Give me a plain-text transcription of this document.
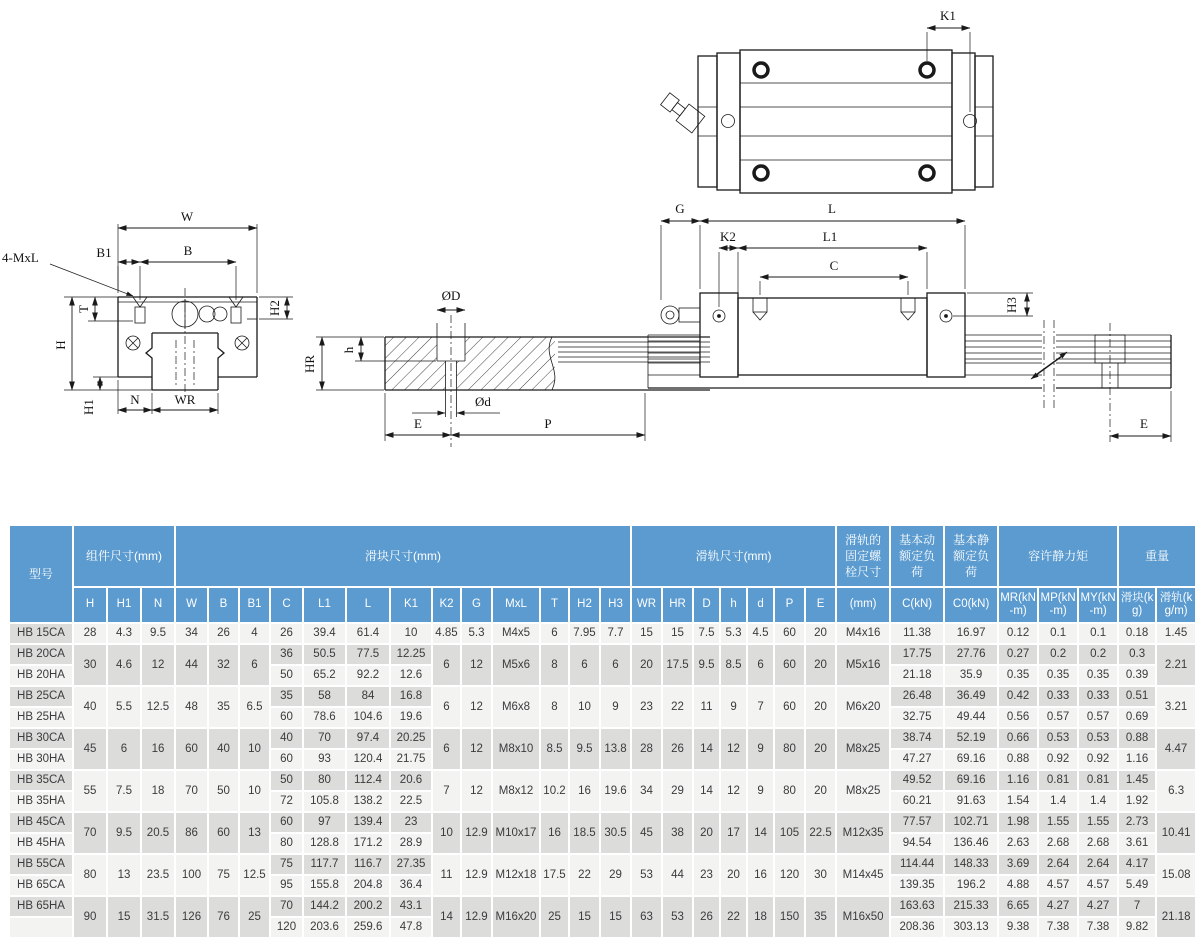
K1
W
B1	B
4-MxL
T
H
H1	N	WR
H2
ØD
Ød
h
HR
E	P
G	L
K2	L1
C
H3
E
型号	组件尺寸(mm)			滑块尺寸(mm)													滑轨尺寸(mm)							滑轨的固定螺栓尺寸	基本动额定负荷	基本静额定负荷	容许静力矩			重量	
	H	H1	N	W	B	B1	C	L1	L	K1	K2	G	MxL	T	H2	H3	WR	HR	D	h	d	P	E	(mm)	C(kN)	C0(kN)	MR(kN-m)	MP(kN-m)	MY(kN-m)	滑块(kg)	滑轨(kg/m)
HB 15CA	28	4.3	9.5	34	26	4	26	39.4	61.4	10	4.85	5.3	M4x5	6	7.95	7.7	15	15	7.5	5.3	4.5	60	20	M4x16	11.38	16.97	0.12	0.1	0.1	0.18	1.45
HB 20CA	30	4.6	12	44	32	6	36	50.5	77.5	12.25	6	12	M5x6	8	6	6	20	17.5	9.5	8.5	6	60	20	M5x16	17.75	27.76	0.27	0.2	0.2	0.3	2.21
HB 20HA							50	65.2	92.2	12.6															21.18	35.9	0.35	0.35	0.35	0.39	
HB 25CA	40	5.5	12.5	48	35	6.5	35	58	84	16.8	6	12	M6x8	8	10	9	23	22	11	9	7	60	20	M6x20	26.48	36.49	0.42	0.33	0.33	0.51	3.21
HB 25HA							60	78.6	104.6	19.6															32.75	49.44	0.56	0.57	0.57	0.69	
HB 30CA	45	6	16	60	40	10	40	70	97.4	20.25	6	12	M8x10	8.5	9.5	13.8	28	26	14	12	9	80	20	M8x25	38.74	52.19	0.66	0.53	0.53	0.88	4.47
HB 30HA							60	93	120.4	21.75															47.27	69.16	0.88	0.92	0.92	1.16	
HB 35CA	55	7.5	18	70	50	10	50	80	112.4	20.6	7	12	M8x12	10.2	16	19.6	34	29	14	12	9	80	20	M8x25	49.52	69.16	1.16	0.81	0.81	1.45	6.3
HB 35HA							72	105.8	138.2	22.5															60.21	91.63	1.54	1.4	1.4	1.92	
HB 45CA	70	9.5	20.5	86	60	13	60	97	139.4	23	10	12.9	M10x17	16	18.5	30.5	45	38	20	17	14	105	22.5	M12x35	77.57	102.71	1.98	1.55	1.55	2.73	10.41
HB 45HA							80	128.8	171.2	28.9															94.54	136.46	2.63	2.68	2.68	3.61	
HB 55CA	80	13	23.5	100	75	12.5	75	117.7	116.7	27.35	11	12.9	M12x18	17.5	22	29	53	44	23	20	16	120	30	M14x45	114.44	148.33	3.69	2.64	2.64	4.17	15.08
HB 65CA							95	155.8	204.8	36.4															139.35	196.2	4.88	4.57	4.57	5.49	
HB 65HA	90	15	31.5	126	76	25	70	144.2	200.2	43.1	14	12.9	M16x20	25	15	15	63	53	26	22	18	150	35	M16x50	163.63	215.33	6.65	4.27	4.27	7	21.18
							120	203.6	259.6	47.8															208.36	303.13	9.38	7.38	7.38	9.82	
